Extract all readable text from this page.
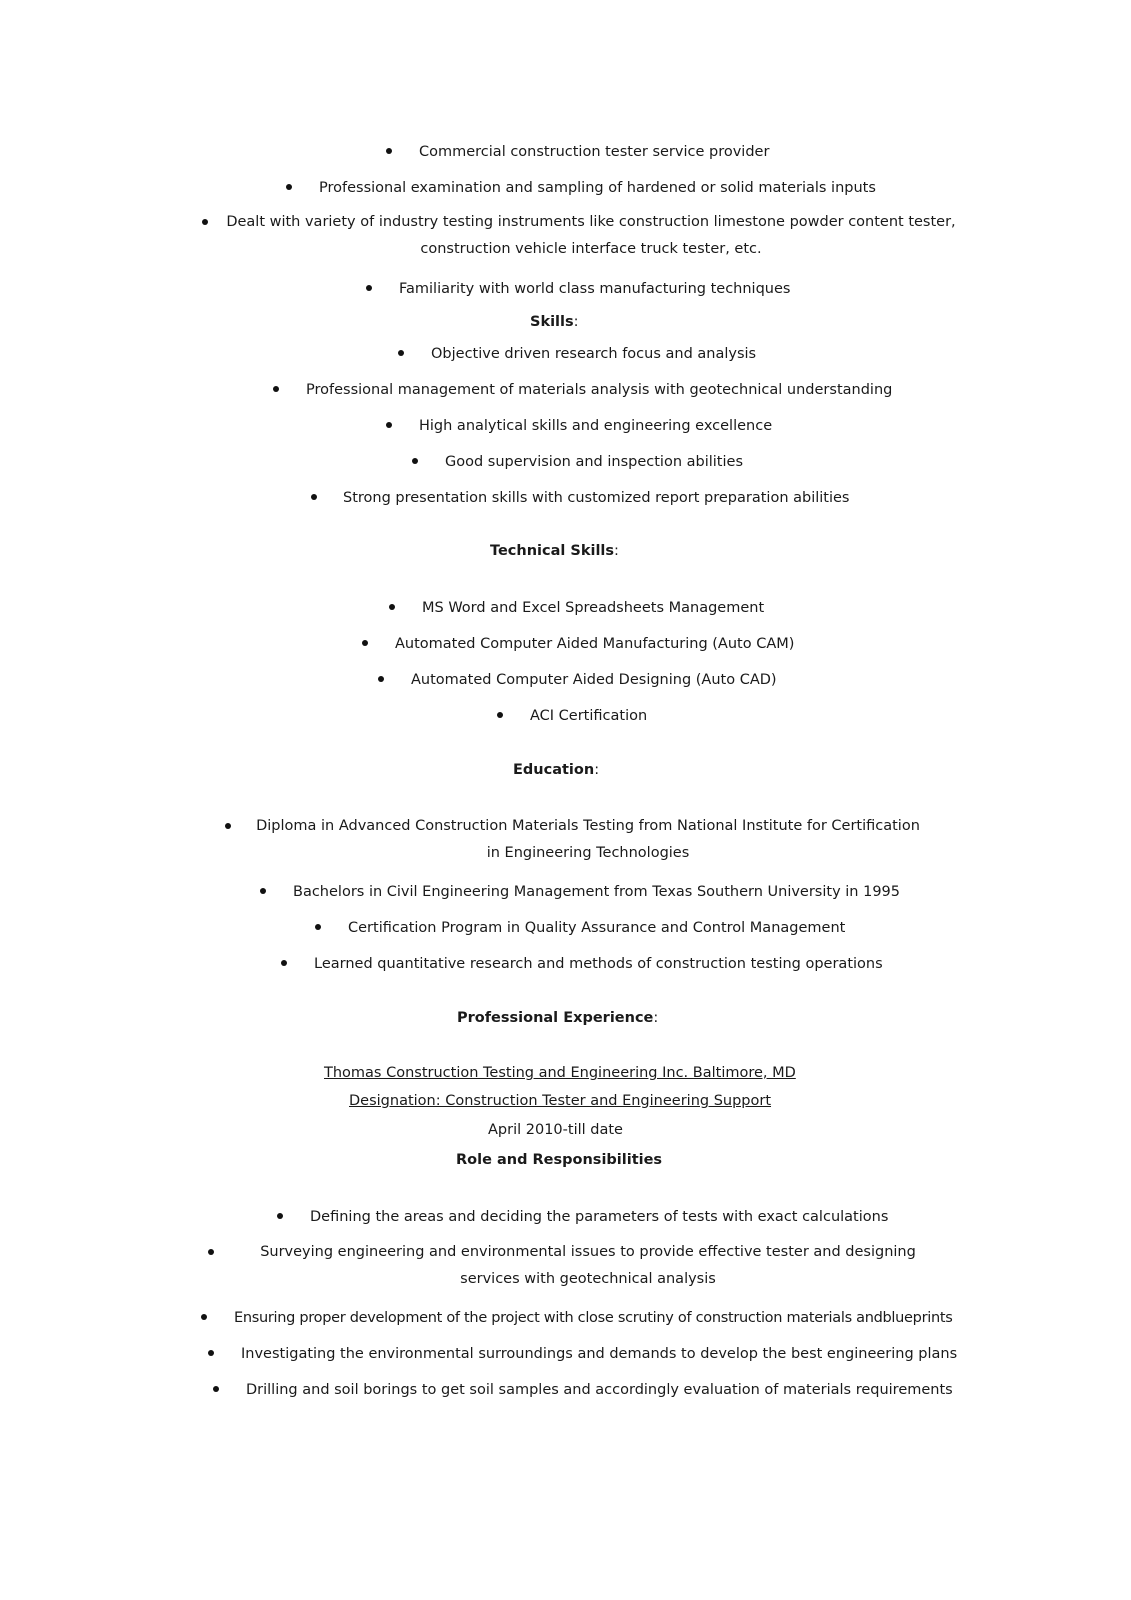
Commercial construction tester service provider
Professional examination and sampling of hardened or solid materials inputs
Dealt with variety of industry testing instruments like construction limestone powder content tester, construction vehicle interface truck tester, etc.
Familiarity with world class manufacturing techniques
Skills:
Objective driven research focus and analysis
Professional management of materials analysis with geotechnical understanding
High analytical skills and engineering excellence
Good supervision and inspection abilities
Strong presentation skills with customized report preparation abilities
Technical Skills:
MS Word and Excel Spreadsheets Management
Automated Computer Aided Manufacturing (Auto CAM)
Automated Computer Aided Designing (Auto CAD)
ACI Certification
Education:
Diploma in Advanced Construction Materials Testing from National Institute for Certification in Engineering Technologies
Bachelors in Civil Engineering Management from Texas Southern University in 1995
Certification Program in Quality Assurance and Control Management
Learned quantitative research and methods of construction testing operations
Professional Experience:
Thomas Construction Testing and Engineering Inc. Baltimore, MD
Designation: Construction Tester and Engineering Support
April 2010-till date
Role and Responsibilities
Defining the areas and deciding the parameters of tests with exact calculations
Surveying engineering and environmental issues to provide effective tester and designing services with geotechnical analysis
Ensuring proper development of the project with close scrutiny of construction materials andblueprints
Investigating the environmental surroundings and demands to develop the best engineering plans
Drilling and soil borings to get soil samples and accordingly evaluation of materials requirements
